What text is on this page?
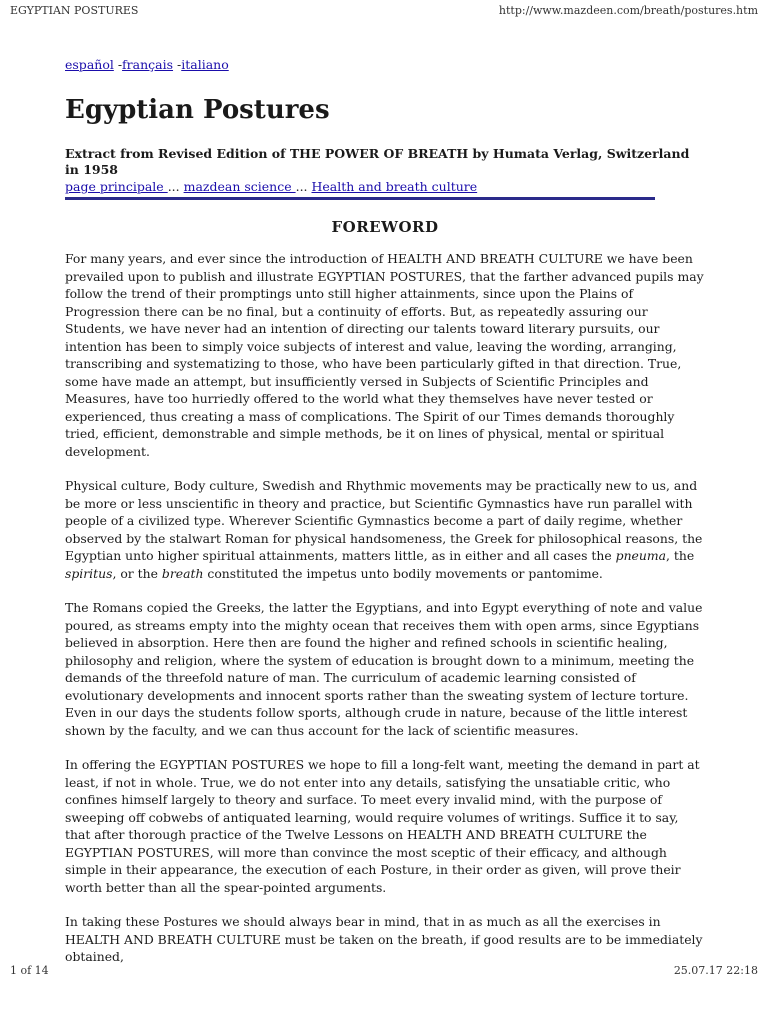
EGYPTIAN POSTURES	http://www.mazdeen.com/breath/postures.htm
español -français -italiano
Egyptian Postures
Extract from Revised Edition of THE POWER OF BREATH by Humata Verlag, Switzerland in 1958
page principale ... mazdean science ... Health and breath culture
FOREWORD

For many years, and ever since the introduction of HEALTH AND BREATH CULTURE we have been prevailed upon to publish and illustrate EGYPTIAN POSTURES, that the farther advanced pupils may follow the trend of their promptings unto still higher attainments, since upon the Plains of Progression there can be no final, but a continuity of efforts. But, as repeatedly assuring our Students, we have never had an intention of directing our talents toward literary pursuits, our intention has been to simply voice subjects of interest and value, leaving the wording, arranging, transcribing and systematizing to those, who have been particularly gifted in that direction. True, some have made an attempt, but insufficiently versed in Subjects of Scientific Principles and Measures, have too hurriedly offered to the world what they themselves have never tested or experienced, thus creating a mass of complications. The Spirit of our Times demands thoroughly tried, efficient, demonstrable and simple methods, be it on lines of physical, mental or spiritual development.

Physical culture, Body culture, Swedish and Rhythmic movements may be practically new to us, and be more or less unscientific in theory and practice, but Scientific Gymnastics have run parallel with people of a civilized type. Wherever Scientific Gymnastics become a part of daily regime, whether observed by the stalwart Roman for physical handsomeness, the Greek for philosophical reasons, the Egyptian unto higher spiritual attainments, matters little, as in either and all cases the pneuma, the spiritus, or the breath constituted the impetus unto bodily movements or pantomime.

The Romans copied the Greeks, the latter the Egyptians, and into Egypt everything of note and value poured, as streams empty into the mighty ocean that receives them with open arms, since Egyptians believed in absorption. Here then are found the higher and refined schools in scientific healing, philosophy and religion, where the system of education is brought down to a minimum, meeting the demands of the threefold nature of man. The curriculum of academic learning consisted of evolutionary developments and innocent sports rather than the sweating system of lecture torture. Even in our days the students follow sports, although crude in nature, because of the little interest shown by the faculty, and we can thus account for the lack of scientific measures.

In offering the EGYPTIAN POSTURES we hope to fill a long-felt want, meeting the demand in part at least, if not in whole. True, we do not enter into any details, satisfying the unsatiable critic, who confines himself largely to theory and surface. To meet every invalid mind, with the purpose of sweeping off cobwebs of antiquated learning, would require volumes of writings. Suffice it to say, that after thorough practice of the Twelve Lessons on HEALTH AND BREATH CULTURE the EGYPTIAN POSTURES, will more than convince the most sceptic of their efficacy, and although simple in their appearance, the execution of each Posture, in their order as given, will prove their worth better than all the spear-pointed arguments.

In taking these Postures we should always bear in mind, that in as much as all the exercises in HEALTH AND BREATH CULTURE must be taken on the breath, if good results are to be immediately obtained,

1 of 14	25.07.17 22:18
